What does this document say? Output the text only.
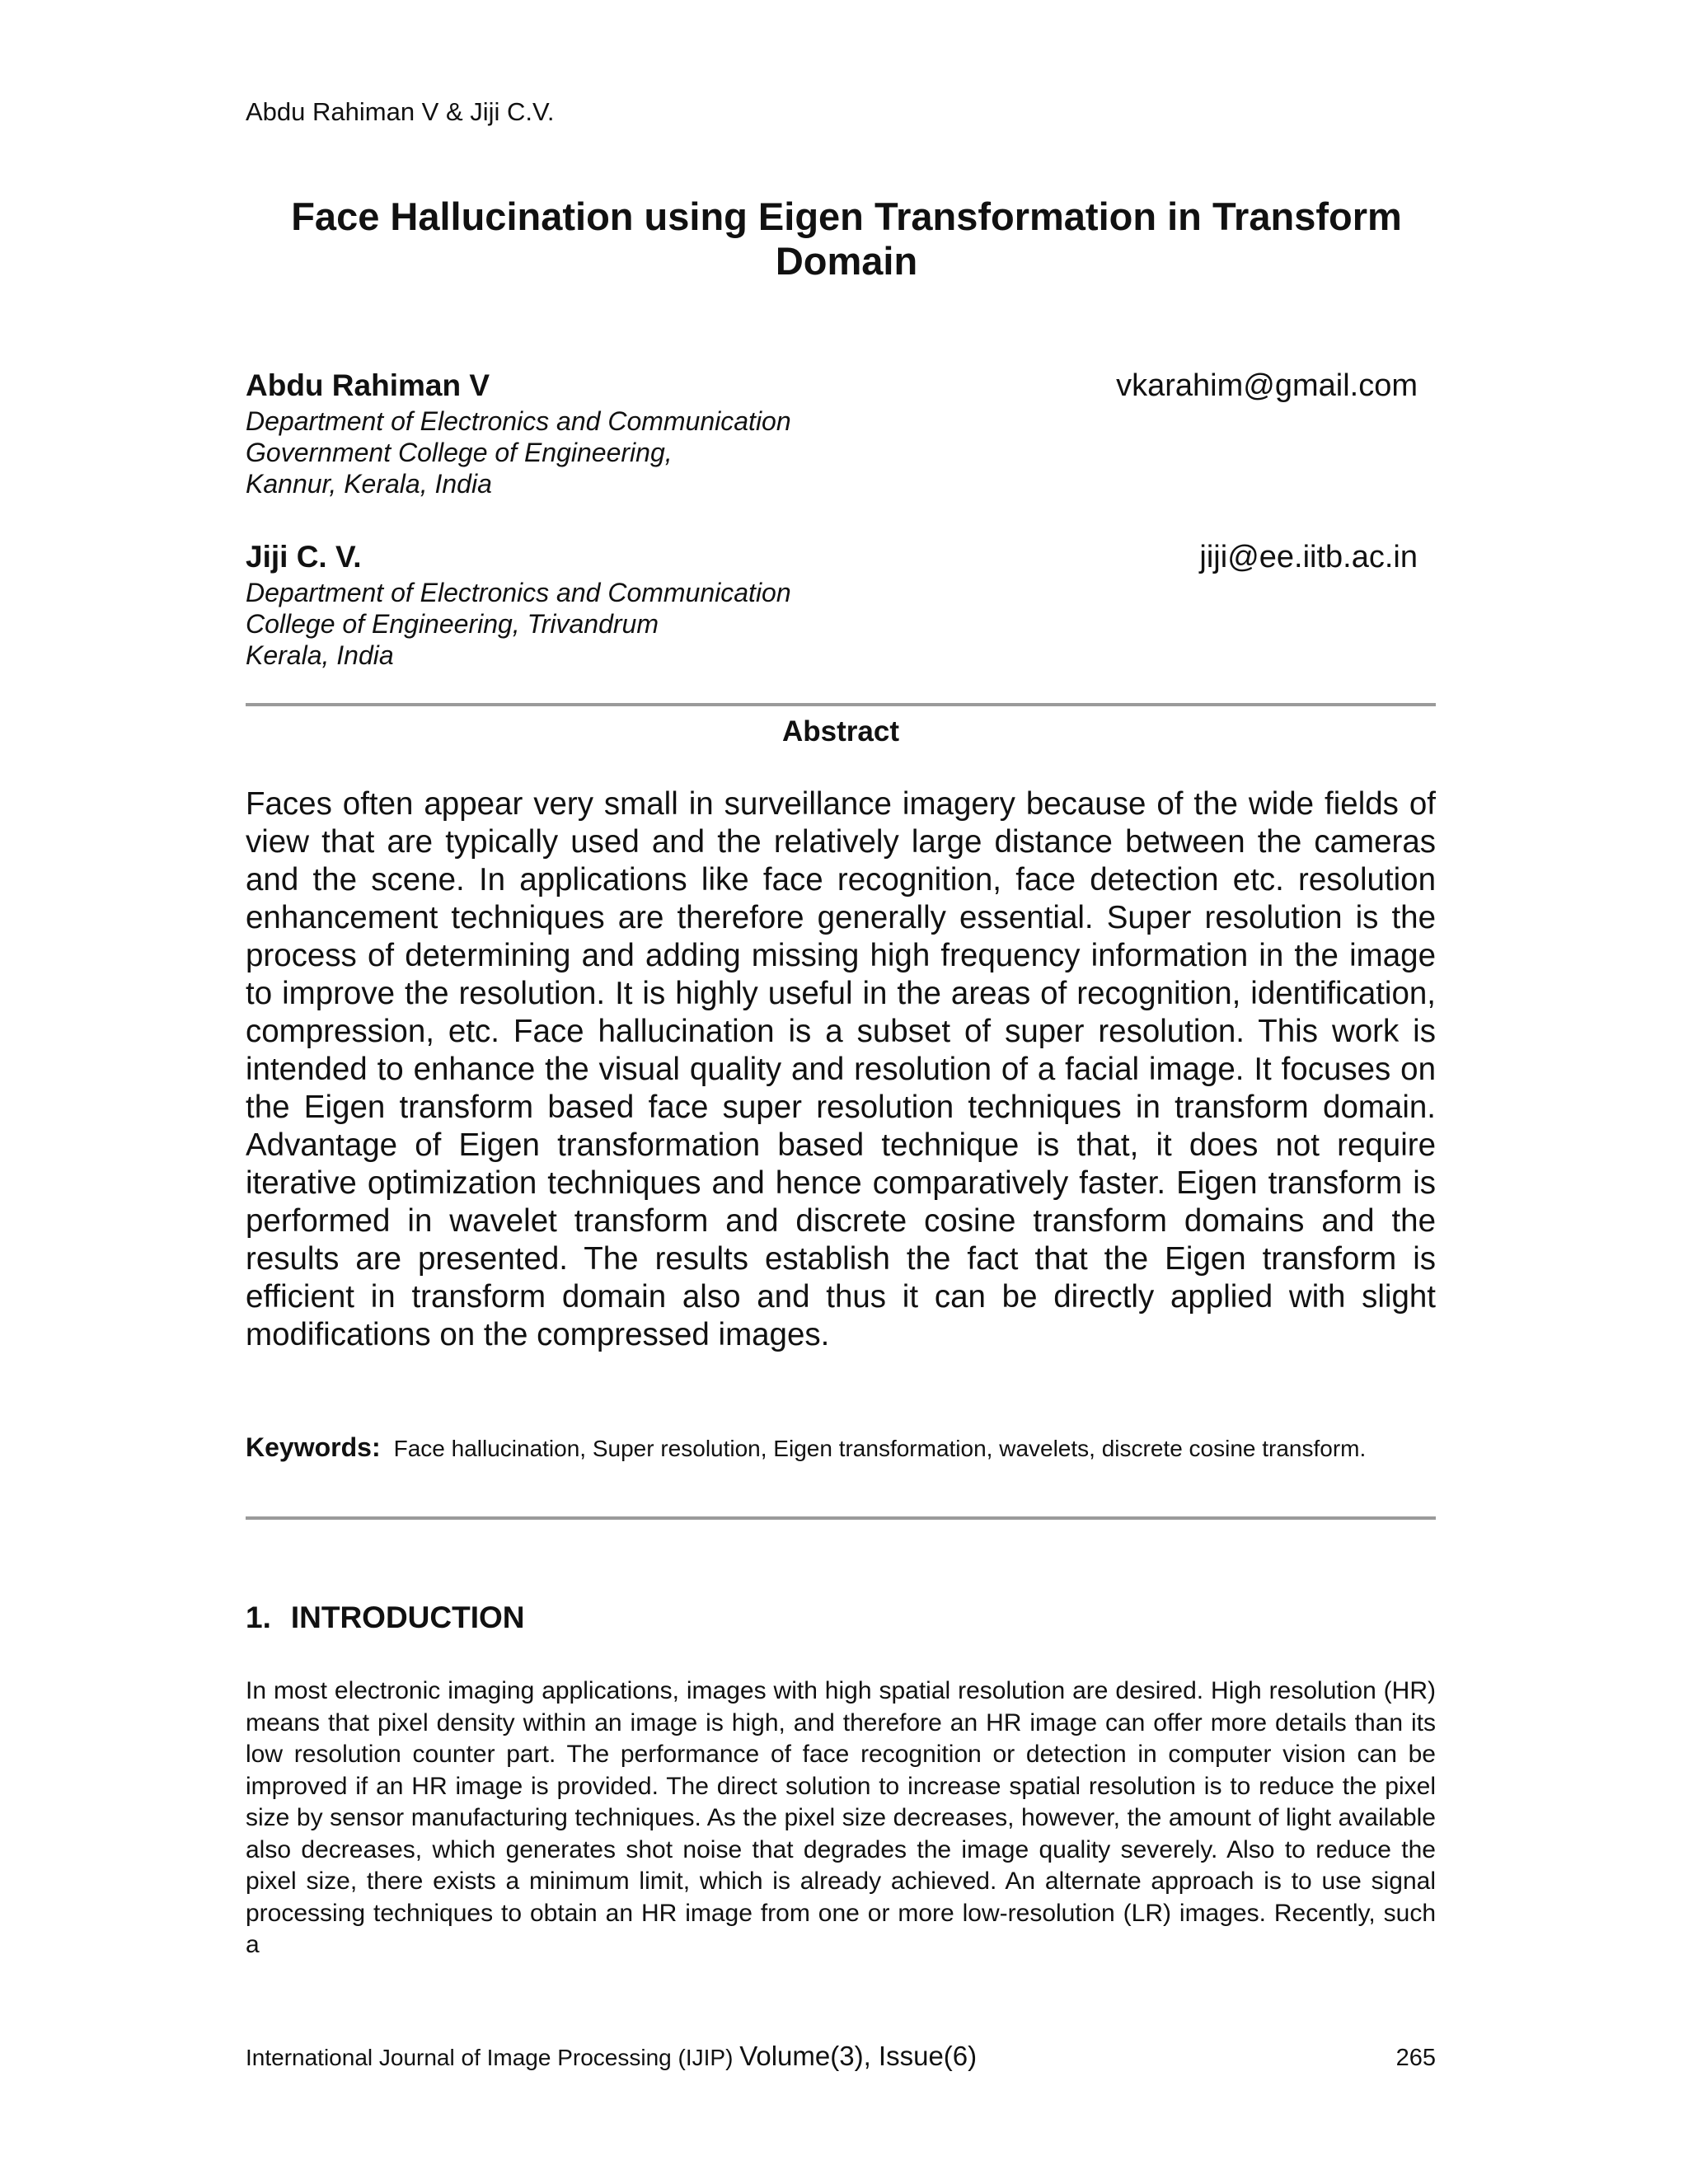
Abdu Rahiman V & Jiji C.V.
Face Hallucination using Eigen Transformation in Transform Domain
Abdu Rahiman V	vkarahim@gmail.com
Department of Electronics and Communication
Government College of Engineering,
Kannur, Kerala, India
Jiji C. V.	jiji@ee.iitb.ac.in
Department of Electronics and Communication
College of Engineering, Trivandrum
Kerala, India
Abstract
Faces often appear very small in surveillance imagery because of the wide fields of view that are typically used and the relatively large distance between the cameras and the scene. In applications like face recognition, face detection etc. resolution enhancement techniques are therefore generally essential. Super resolution is the process of determining and adding missing high frequency information in the image to improve the resolution. It is highly useful in the areas of recognition, identification, compression, etc. Face hallucination is a subset of super resolution. This work is intended to enhance the visual quality and resolution of a facial image. It focuses on the Eigen transform based face super resolution techniques in transform domain. Advantage of Eigen transformation based technique is that, it does not require iterative optimization techniques and hence comparatively faster. Eigen transform is performed in wavelet transform and discrete cosine transform domains and the results are presented. The results establish the fact that the Eigen transform is efficient in transform domain also and thus it can be directly applied with slight modifications on the compressed images.
Keywords: Face hallucination, Super resolution, Eigen transformation, wavelets, discrete cosine transform.
1. INTRODUCTION
In most electronic imaging applications, images with high spatial resolution are desired. High resolution (HR) means that pixel density within an image is high, and therefore an HR image can offer more details than its low resolution counter part. The performance of face recognition or detection in computer vision can be improved if an HR image is provided. The direct solution to increase spatial resolution is to reduce the pixel size by sensor manufacturing techniques. As the pixel size decreases, however, the amount of light available also decreases, which generates shot noise that degrades the image quality severely. Also to reduce the pixel size, there exists a minimum limit, which is already achieved. An alternate approach is to use signal processing techniques to obtain an HR image from one or more low-resolution (LR) images. Recently, such a
International Journal of Image Processing (IJIP) Volume(3), Issue(6)	265
